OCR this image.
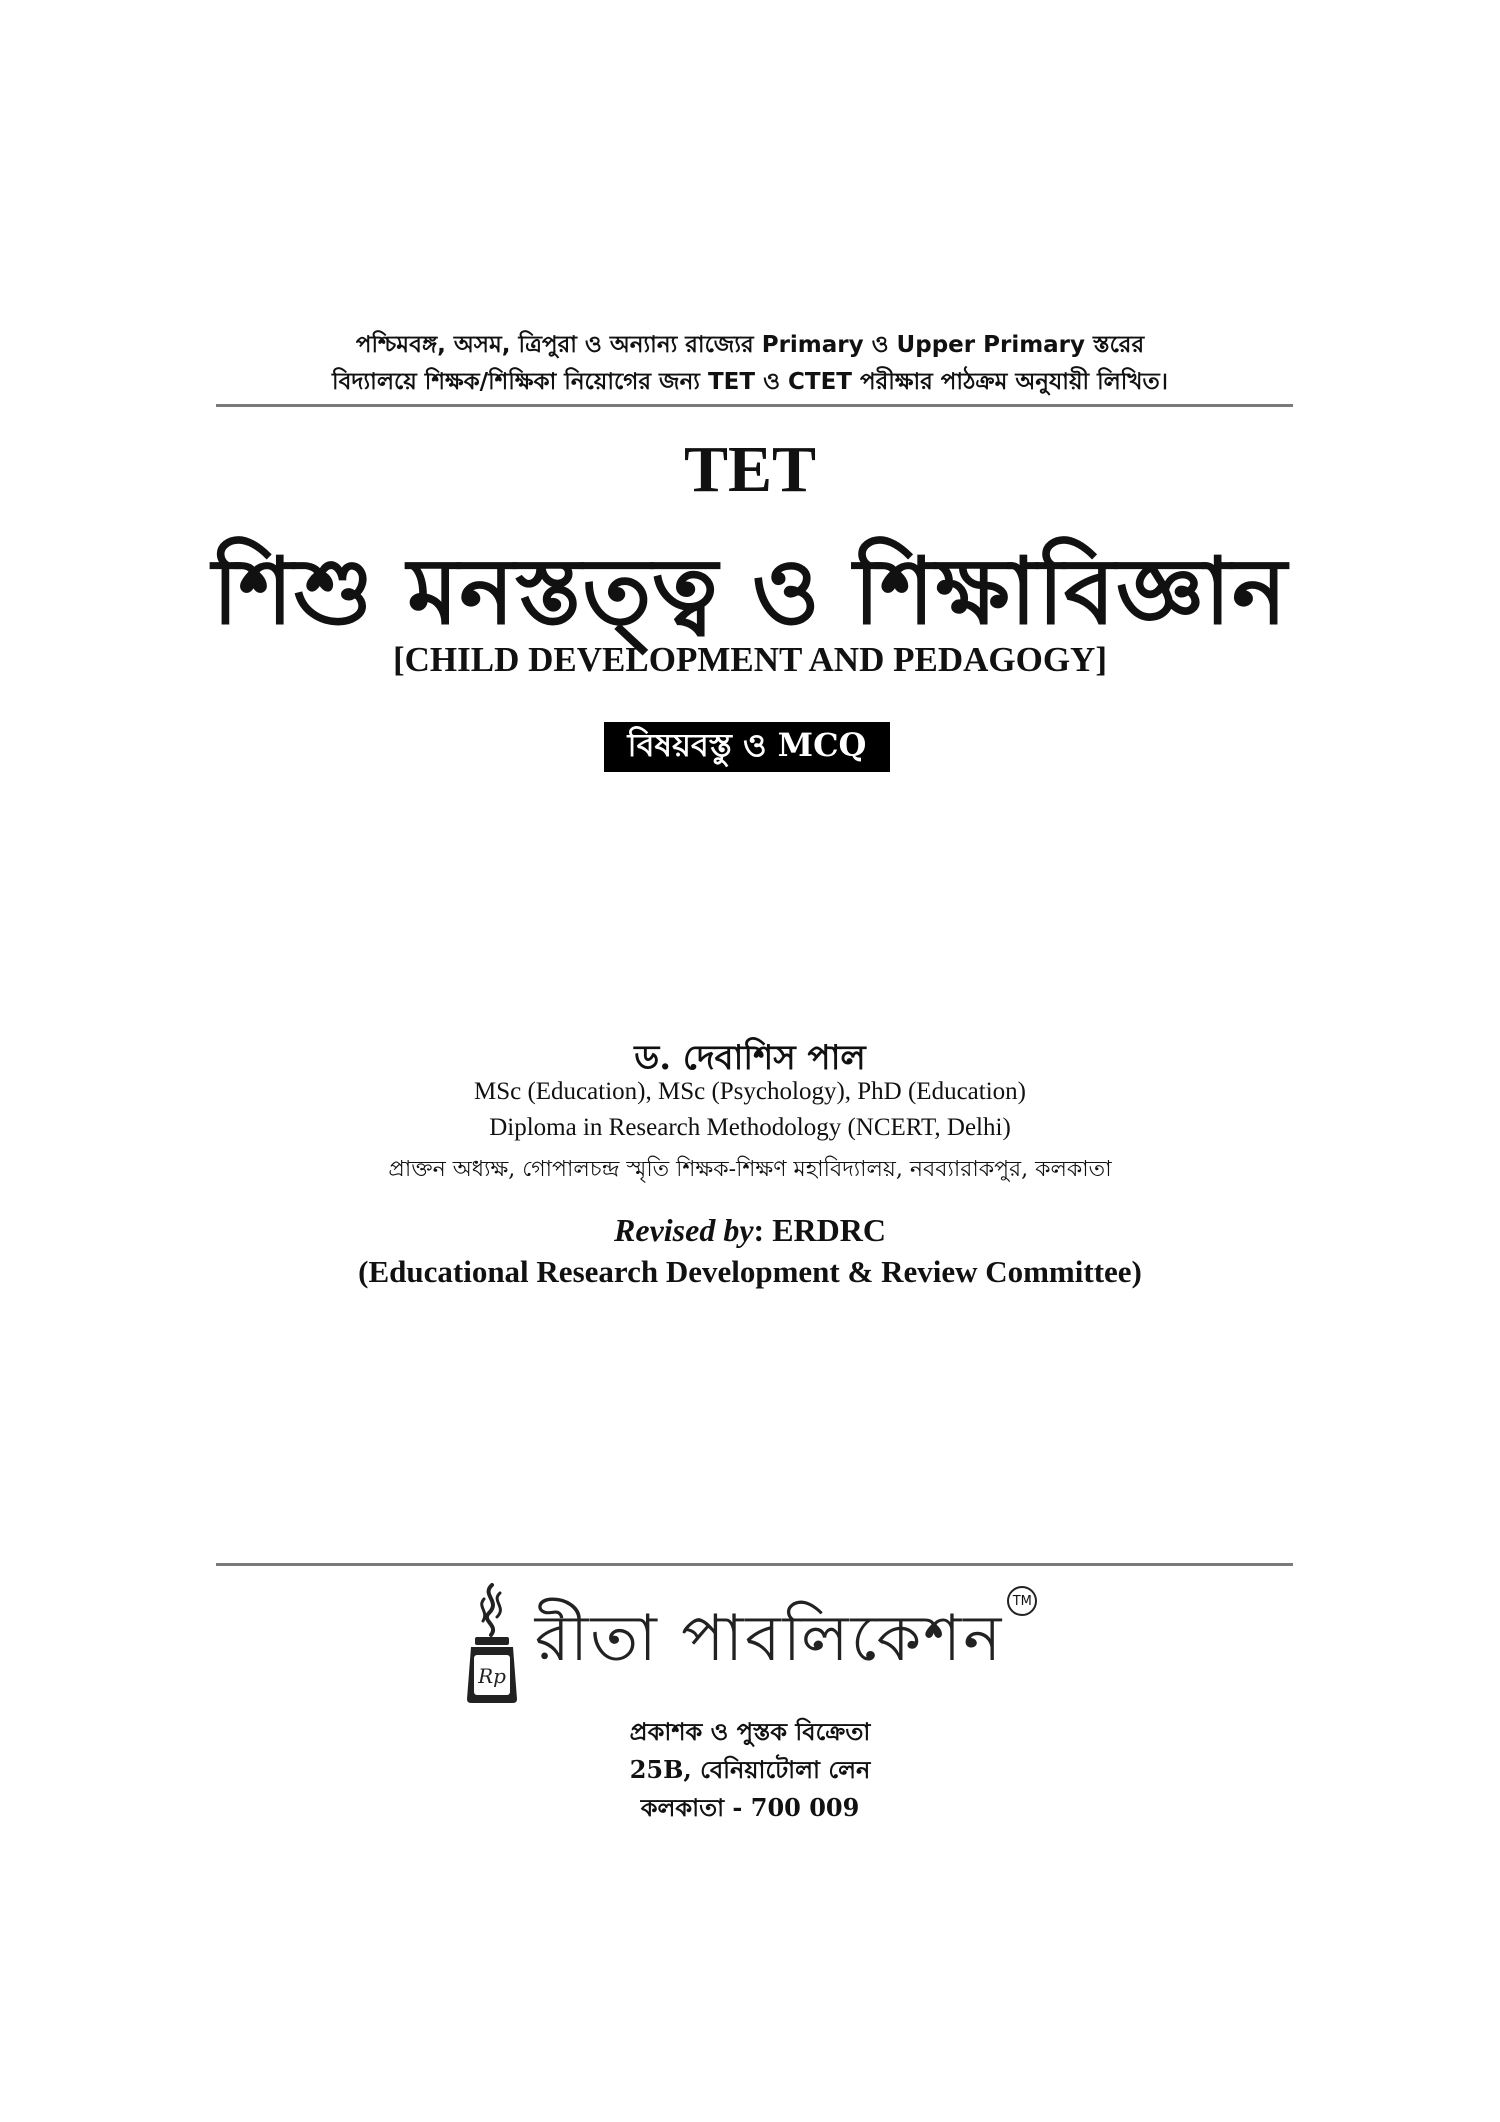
পশ্চিমবঙ্গ, অসম, ত্রিপুরা ও অন্যান্য রাজ্যের Primary ও Upper Primary স্তরের
বিদ্যালয়ে শিক্ষক/শিক্ষিকা নিয়োগের জন্য TET ও CTET পরীক্ষার পাঠক্রম অনুযায়ী লিখিত।
TET
শিশু মনস্তত্ত্ব ও শিক্ষাবিজ্ঞান
[CHILD DEVELOPMENT AND PEDAGOGY]
বিষয়বস্তু ও MCQ
ড. দেবাশিস পাল
MSc (Education), MSc (Psychology), PhD (Education)
Diploma in Research Methodology (NCERT, Delhi)
প্রাক্তন অধ্যক্ষ, গোপালচন্দ্র স্মৃতি শিক্ষক-শিক্ষণ মহাবিদ্যালয়, নবব্যারাকপুর, কলকাতা
Revised by: ERDRC
(Educational Research Development & Review Committee)
Rp
রীতা পাবলিকেশন
TM
প্রকাশক ও পুস্তক বিক্রেতা
25B, বেনিয়াটোলা লেন
কলকাতা - 700 009
